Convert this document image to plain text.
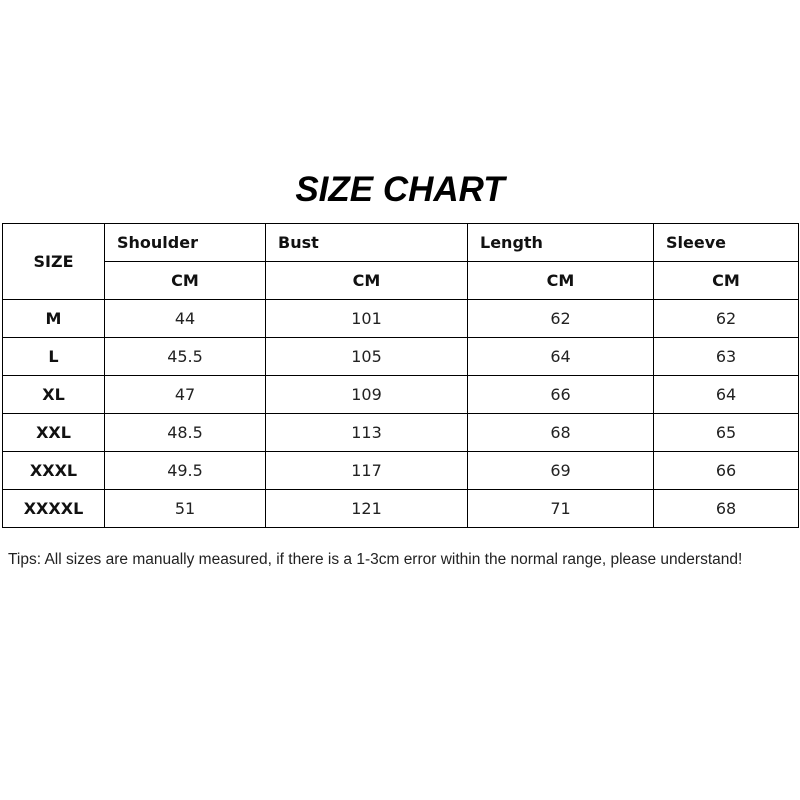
SIZE CHART
SIZE	Shoulder	Bust	Length	Sleeve
	CM	CM	CM	CM
M	44	101	62	62
L	45.5	105	64	63
XL	47	109	66	64
XXL	48.5	113	68	65
XXXL	49.5	117	69	66
XXXXL	51	121	71	68
Tips: All sizes are manually measured, if there is a 1-3cm error within the normal range, please understand!
